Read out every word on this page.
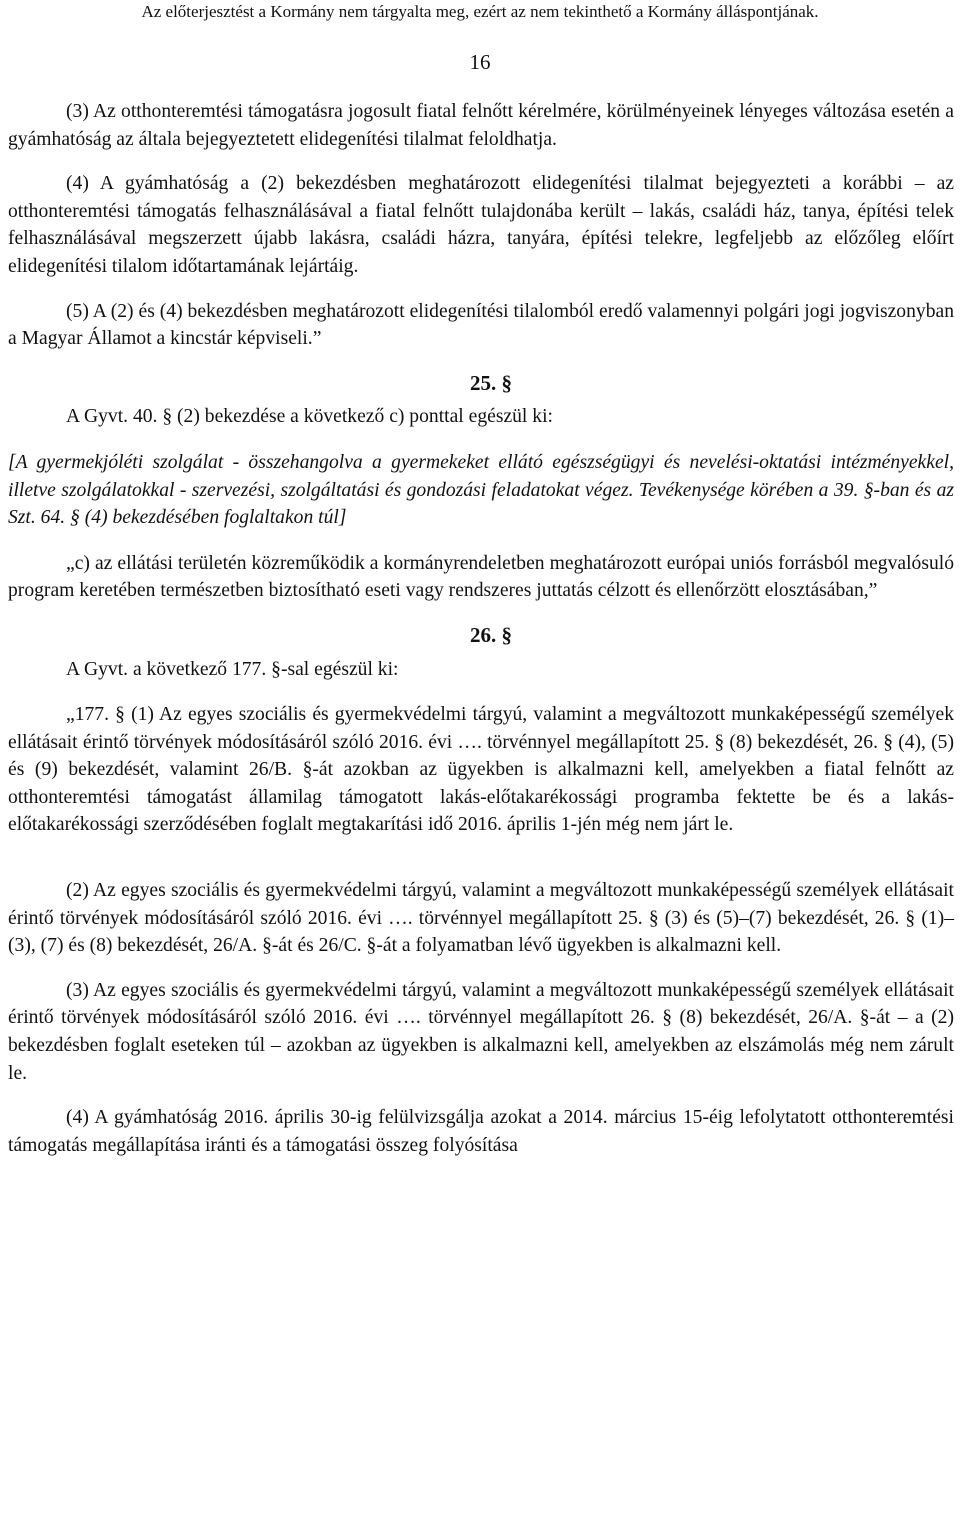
Az előterjesztést a Kormány nem tárgyalta meg, ezért az nem tekinthető a Kormány álláspontjának.
16

(3) Az otthonteremtési támogatásra jogosult fiatal felnőtt kérelmére, körülményeinek lényeges változása esetén a gyámhatóság az általa bejegyeztetett elidegenítési tilalmat feloldhatja.

(4) A gyámhatóság a (2) bekezdésben meghatározott elidegenítési tilalmat bejegyezteti a korábbi – az otthonteremtési támogatás felhasználásával a fiatal felnőtt tulajdonába került – lakás, családi ház, tanya, építési telek felhasználásával megszerzett újabb lakásra, családi házra, tanyára, építési telekre, legfeljebb az előzőleg előírt elidegenítési tilalom időtartamának lejártáig.

(5) A (2) és (4) bekezdésben meghatározott elidegenítési tilalomból eredő valamennyi polgári jogi jogviszonyban a Magyar Államot a kincstár képviseli.”

25. §

A Gyvt. 40. § (2) bekezdése a következő c) ponttal egészül ki:

[A gyermekjóléti szolgálat - összehangolva a gyermekeket ellátó egészségügyi és nevelési-oktatási intézményekkel, illetve szolgálatokkal - szervezési, szolgáltatási és gondozási feladatokat végez. Tevékenysége körében a 39. §-ban és az Szt. 64. § (4) bekezdésében foglaltakon túl]

„c) az ellátási területén közreműködik a kormányrendeletben meghatározott európai uniós forrásból megvalósuló program keretében természetben biztosítható eseti vagy rendszeres juttatás célzott és ellenőrzött elosztásában,”

26. §

A Gyvt. a következő 177. §-sal egészül ki:

„177. § (1) Az egyes szociális és gyermekvédelmi tárgyú, valamint a megváltozott munkaképességű személyek ellátásait érintő törvények módosításáról szóló 2016. évi …. törvénnyel megállapított 25. § (8) bekezdését, 26. § (4), (5) és (9) bekezdését, valamint 26/B. §-át azokban az ügyekben is alkalmazni kell, amelyekben a fiatal felnőtt az otthonteremtési támogatást államilag támogatott lakás-előtakarékossági programba fektette be és a lakás-előtakarékossági szerződésében foglalt megtakarítási idő 2016. április 1-jén még nem járt le.

(2) Az egyes szociális és gyermekvédelmi tárgyú, valamint a megváltozott munkaképességű személyek ellátásait érintő törvények módosításáról szóló 2016. évi …. törvénnyel megállapított 25. § (3) és (5)–(7) bekezdését, 26. § (1)–(3), (7) és (8) bekezdését, 26/A. §-át és 26/C. §-át a folyamatban lévő ügyekben is alkalmazni kell.

(3) Az egyes szociális és gyermekvédelmi tárgyú, valamint a megváltozott munkaképességű személyek ellátásait érintő törvények módosításáról szóló 2016. évi …. törvénnyel megállapított 26. § (8) bekezdését, 26/A. §-át – a (2) bekezdésben foglalt eseteken túl – azokban az ügyekben is alkalmazni kell, amelyekben az elszámolás még nem zárult le.

(4) A gyámhatóság 2016. április 30-ig felülvizsgálja azokat a 2014. március 15-éig lefolytatott otthonteremtési támogatás megállapítása iránti és a támogatási összeg folyósítása
